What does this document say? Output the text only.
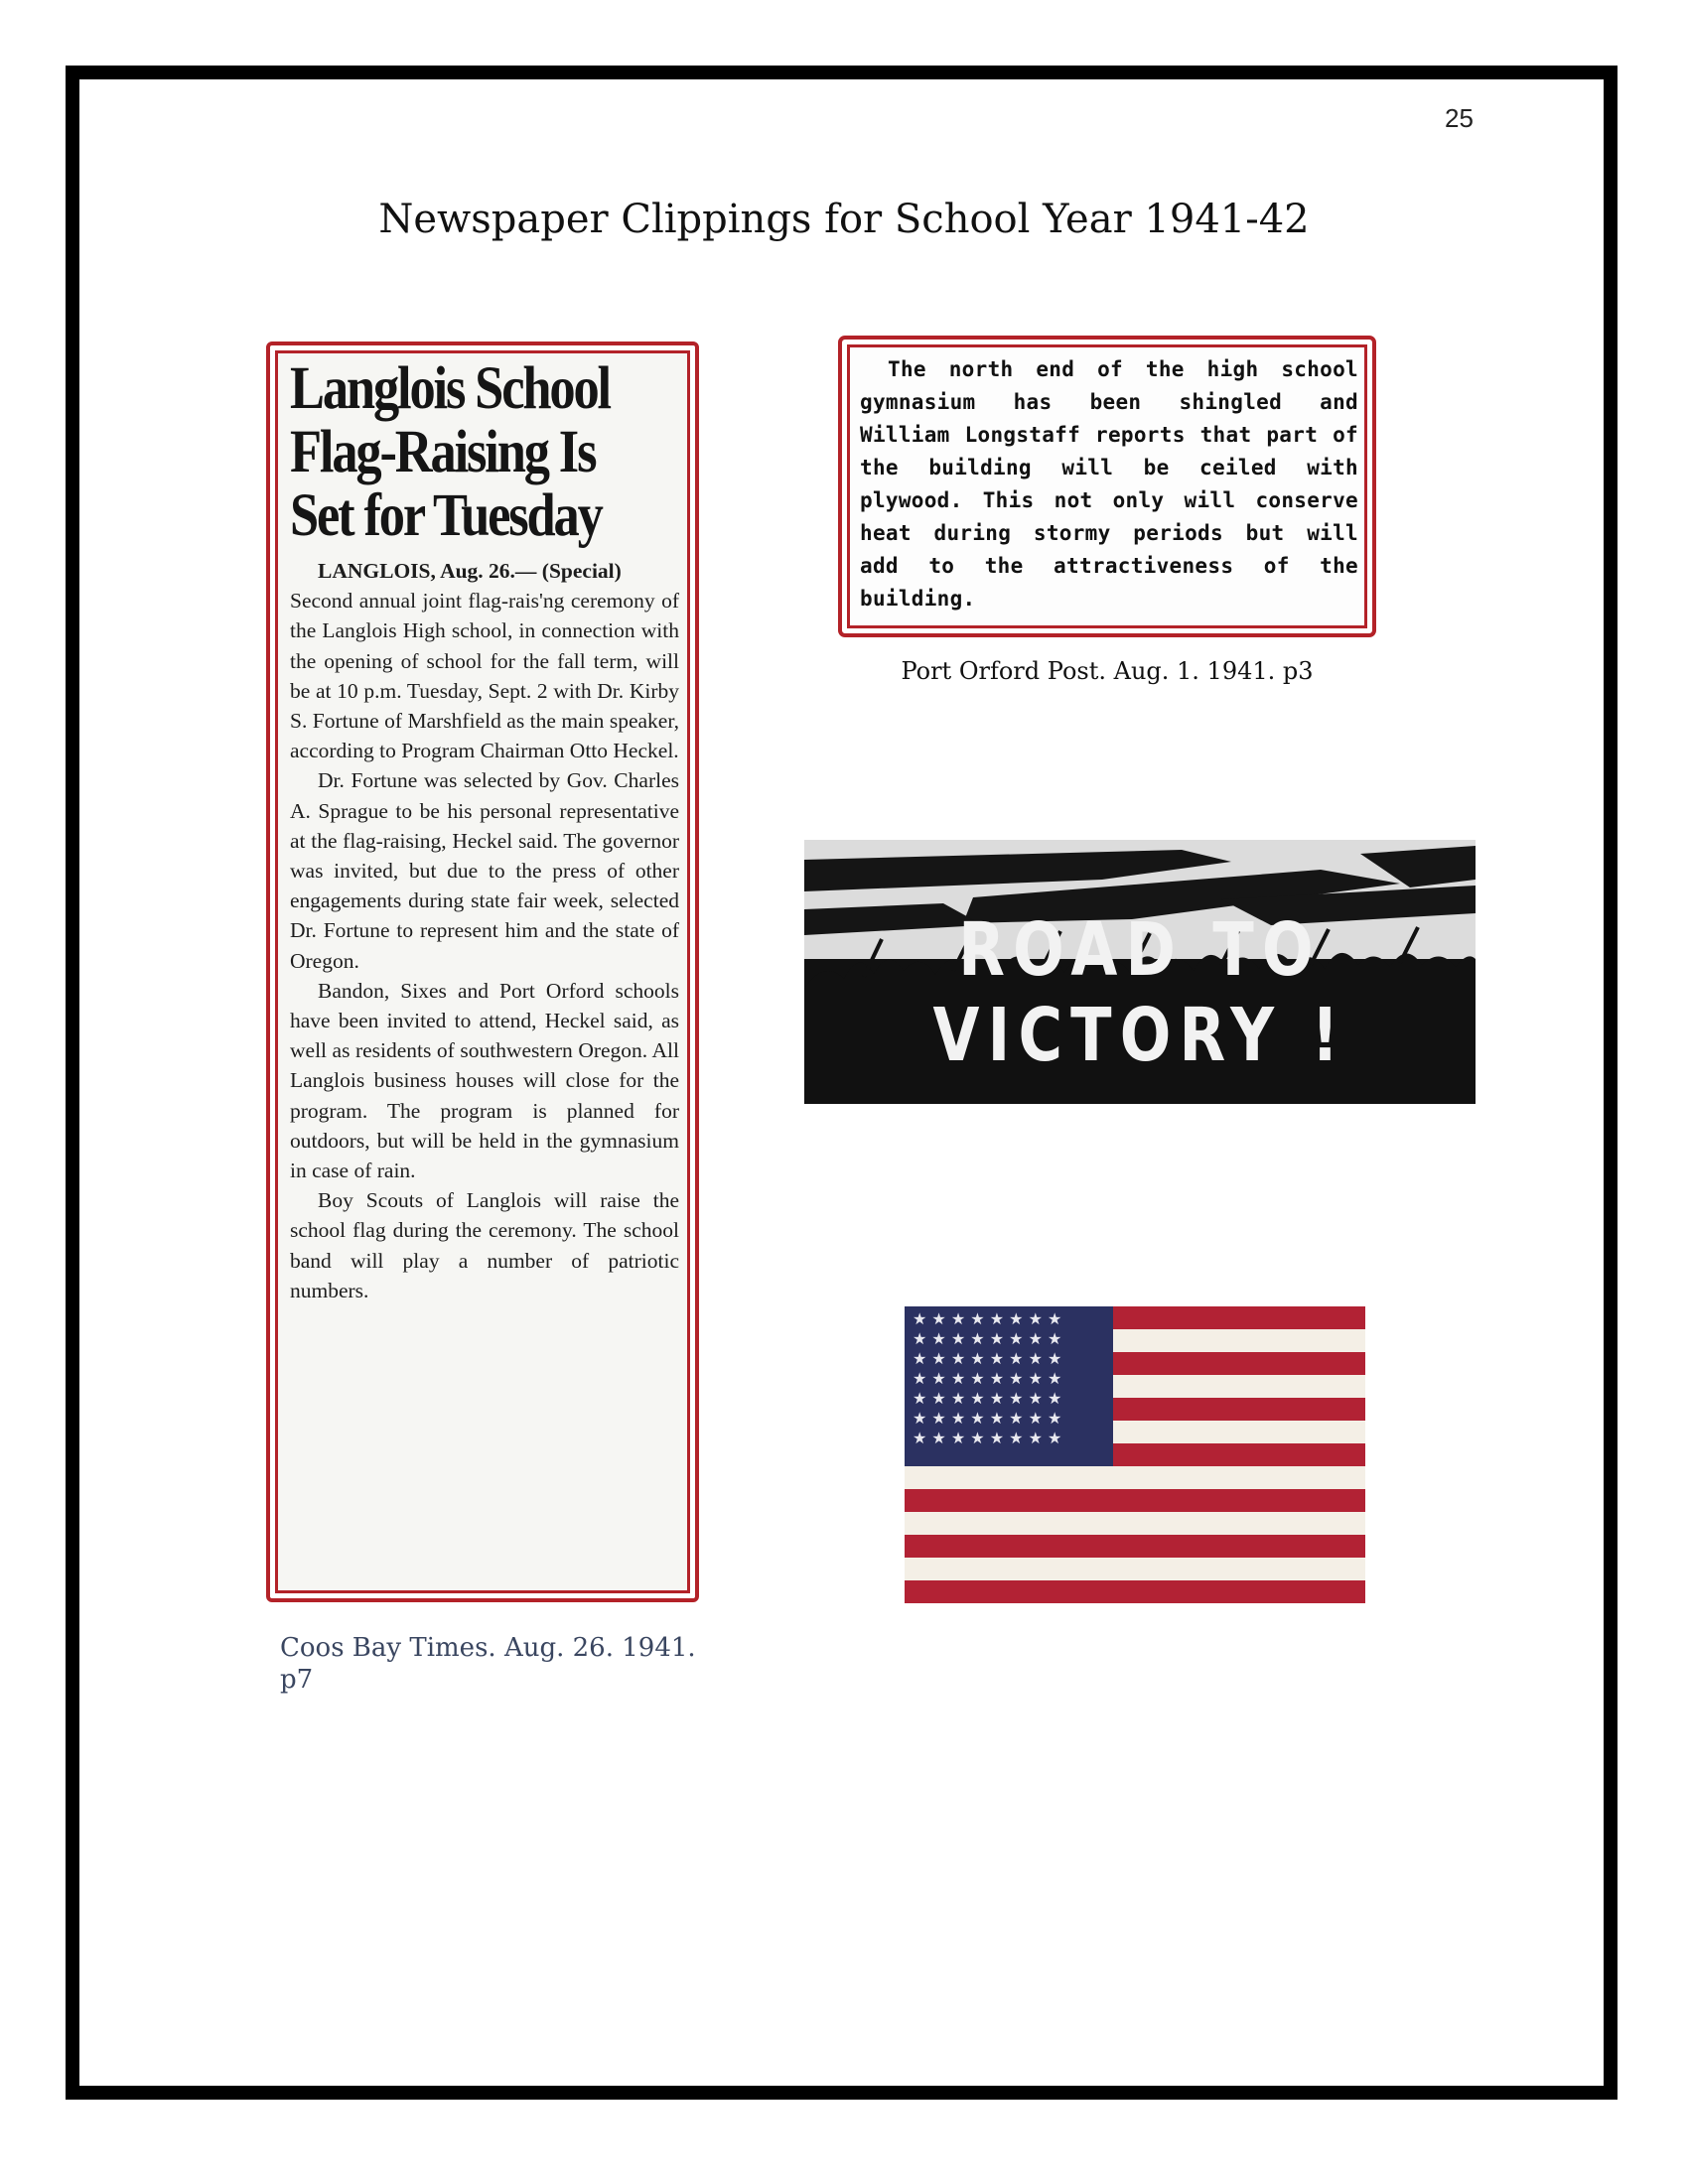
25
Newspaper Clippings for School Year 1941-42
Langlois School
Flag-Raising Is
Set for Tuesday

LANGLOIS, Aug. 26.— (Special)

Second annual joint flag-rais'ng ceremony of the Langlois High school, in connection with the opening of school for the fall term, will be at 10 p.m. Tuesday, Sept. 2 with Dr. Kirby S. Fortune of Marshfield as the main speaker, according to Program Chairman Otto Heckel.

Dr. Fortune was selected by Gov. Charles A. Sprague to be his personal representative at the flag-raising, Heckel said. The governor was invited, but due to the press of other engagements during state fair week, selected Dr. Fortune to represent him and the state of Oregon.

Bandon, Sixes and Port Orford schools have been invited to attend, Heckel said, as well as residents of southwestern Oregon. All Langlois business houses will close for the program. The program is planned for outdoors, but will be held in the gymnasium in case of rain.

Boy Scouts of Langlois will raise the school flag during the ceremony. The school band will play a number of patriotic numbers.

Coos Bay Times. Aug. 26. 1941. p7
The north end of the high school gymnasium has been shingled and William Longstaff reports that part of the building will be ceiled with plywood. This not only will conserve heat during stormy periods but will add to the attractiveness of the building.
Port Orford Post. Aug. 1. 1941. p3
ROAD TO VICTORY !
★ ★ ★ ★ ★ ★ ★ ★
★ ★ ★ ★ ★ ★ ★ ★
★ ★ ★ ★ ★ ★ ★ ★
★ ★ ★ ★ ★ ★ ★ ★
★ ★ ★ ★ ★ ★ ★ ★
★ ★ ★ ★ ★ ★ ★ ★
★ ★ ★ ★ ★ ★ ★ ★
